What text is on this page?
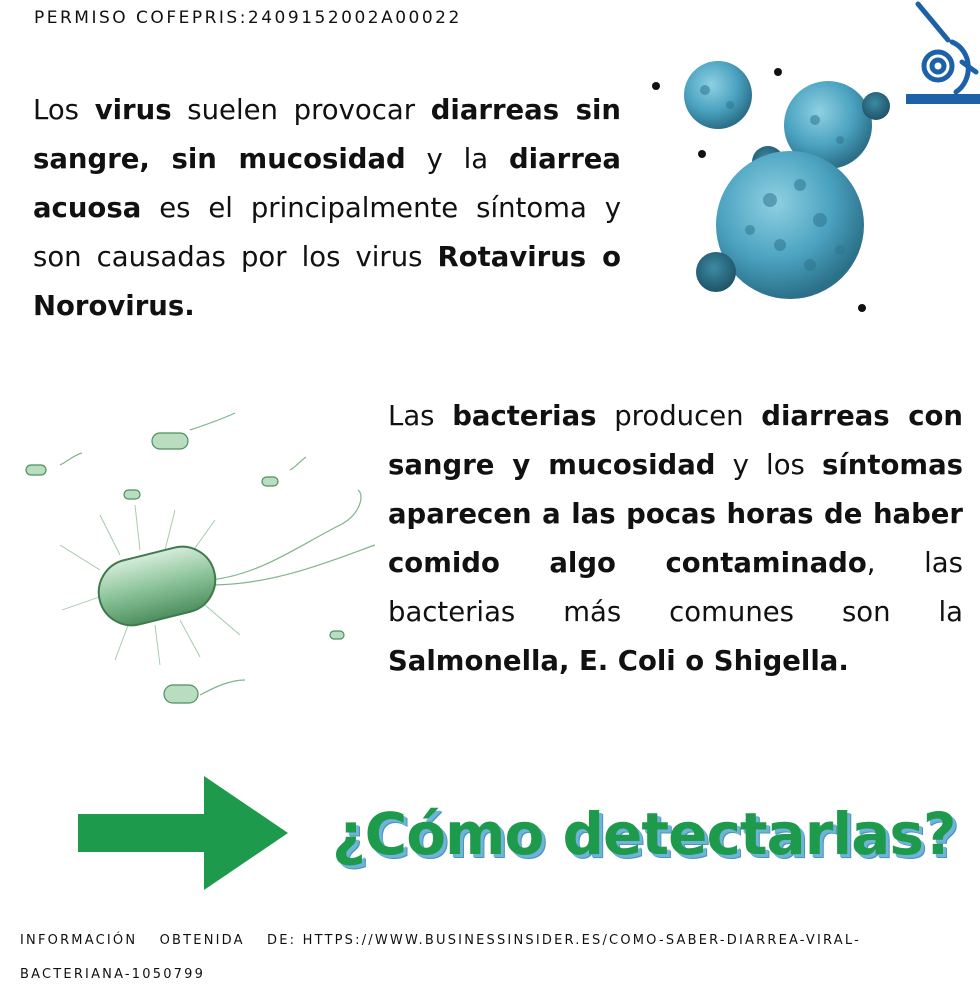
PERMISO COFEPRIS:2409152002A00022
Los virus suelen provocar diarreas sin sangre, sin mucosidad y la diarrea acuosa es el principalmente síntoma y son causadas por los virus Rotavirus o Norovirus.
Las bacterias producen diarreas con sangre y mucosidad y los síntomas aparecen a las pocas horas de haber comido algo contaminado, las bacterias más comunes son la Salmonella, E. Coli o Shigella.
¿Cómo detectarlas?
INFORMACIÓN OBTENIDA DE: HTTPS://WWW.BUSINESSINSIDER.ES/COMO-SABER-DIARREA-VIRAL-BACTERIANA-1050799
